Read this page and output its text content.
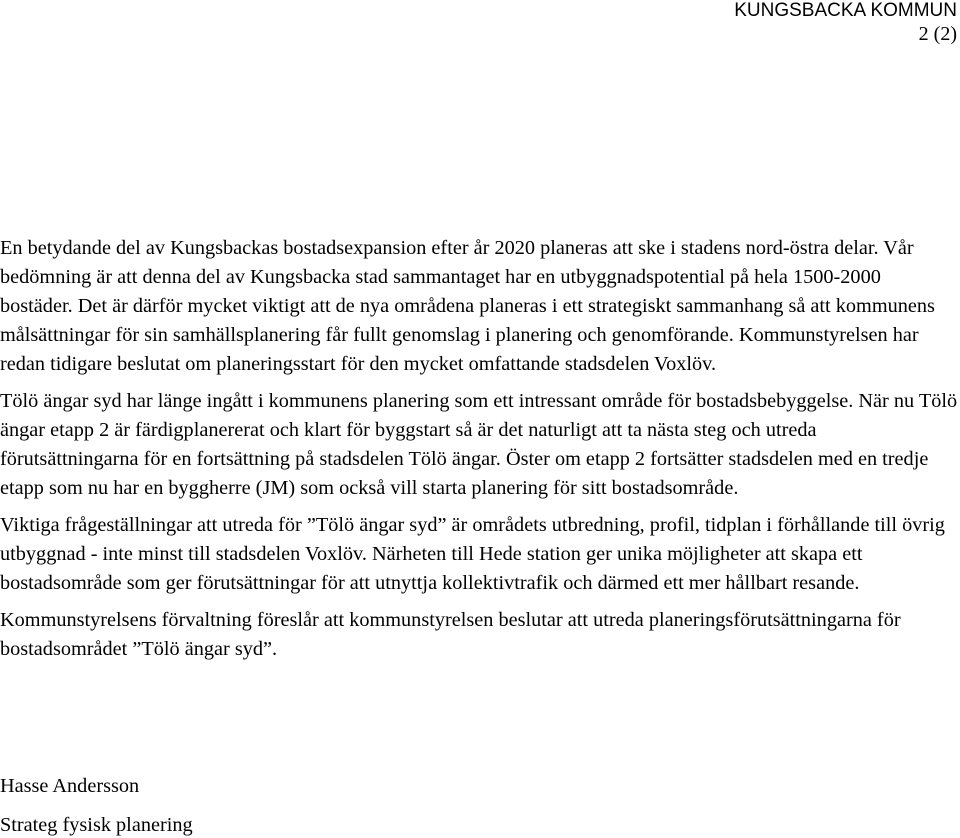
KUNGSBACKA KOMMUN
2 (2)

En betydande del av Kungsbackas bostadsexpansion efter år 2020 planeras att ske i stadens nord-östra delar. Vår bedömning är att denna del av Kungsbacka stad sammantaget har en utbyggnadspotential på hela 1500-2000 bostäder. Det är därför mycket viktigt att de nya områdena planeras i ett strategiskt sammanhang så att kommunens målsättningar för sin samhällsplanering får fullt genomslag i planering och genomförande. Kommunstyrelsen har redan tidigare beslutat om planeringsstart för den mycket omfattande stadsdelen Voxlöv.

Tölö ängar syd har länge ingått i kommunens planering som ett intressant område för bostadsbebyggelse. När nu Tölö ängar etapp 2 är färdigplanererat och klart för byggstart så är det naturligt att ta nästa steg och utreda förutsättningarna för en fortsättning på stadsdelen Tölö ängar. Öster om etapp 2 fortsätter stadsdelen med en tredje etapp som nu har en byggherre (JM) som också vill starta planering för sitt bostadsområde.

Viktiga frågeställningar att utreda för ”Tölö ängar syd” är områdets utbredning, profil, tidplan i förhållande till övrig utbyggnad - inte minst till stadsdelen Voxlöv. Närheten till Hede station ger unika möjligheter att skapa ett bostadsområde som ger förutsättningar för att utnyttja kollektivtrafik och därmed ett mer hållbart resande.

Kommunstyrelsens förvaltning föreslår att kommunstyrelsen beslutar att utreda planeringsförutsättningarna för bostadsområdet ”Tölö ängar syd”.

Hasse Andersson
Strateg fysisk planering
